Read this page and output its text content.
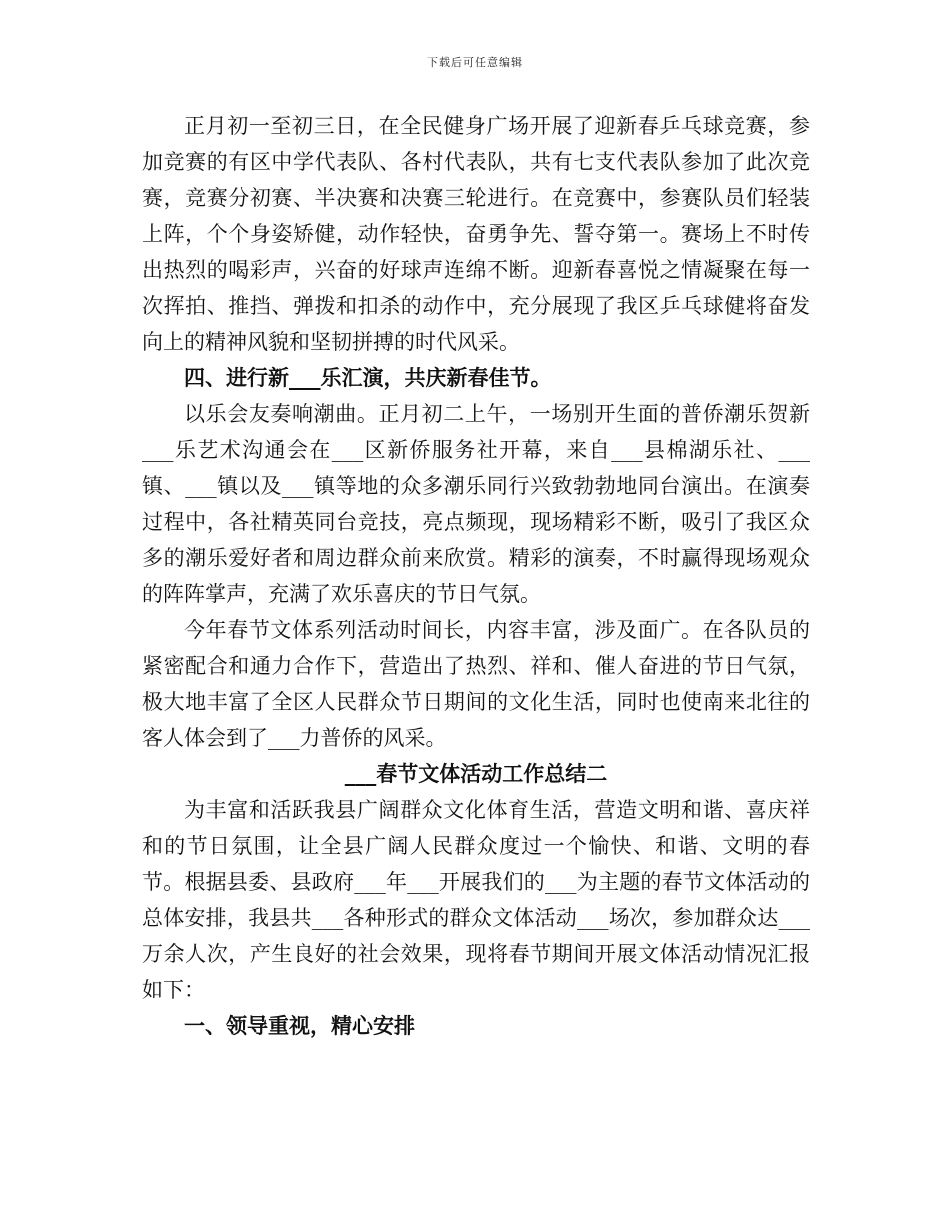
下载后可任意编辑

正月初一至初三日，在全民健身广场开展了迎新春乒乓球竞赛，参加竞赛的有区中学代表队、各村代表队，共有七支代表队参加了此次竞赛，竞赛分初赛、半决赛和决赛三轮进行。在竞赛中，参赛队员们轻装上阵，个个身姿矫健，动作轻快，奋勇争先、誓夺第一。赛场上不时传出热烈的喝彩声，兴奋的好球声连绵不断。迎新春喜悦之情凝聚在每一次挥拍、推挡、弹拨和扣杀的动作中，充分展现了我区乒乓球健将奋发向上的精神风貌和坚韧拼搏的时代风采。

四、进行新___乐汇演，共庆新春佳节。

以乐会友奏响潮曲。正月初二上午，一场别开生面的普侨潮乐贺新___乐艺术沟通会在___区新侨服务社开幕，来自___县棉湖乐社、___镇、___镇以及___镇等地的众多潮乐同行兴致勃勃地同台演出。在演奏过程中，各社精英同台竞技，亮点频现，现场精彩不断，吸引了我区众多的潮乐爱好者和周边群众前来欣赏。精彩的演奏，不时赢得现场观众的阵阵掌声，充满了欢乐喜庆的节日气氛。

今年春节文体系列活动时间长，内容丰富，涉及面广。在各队员的紧密配合和通力合作下，营造出了热烈、祥和、催人奋进的节日气氛，极大地丰富了全区人民群众节日期间的文化生活，同时也使南来北往的客人体会到了___力普侨的风采。

___春节文体活动工作总结二

为丰富和活跃我县广阔群众文化体育生活，营造文明和谐、喜庆祥和的节日氛围，让全县广阔人民群众度过一个愉快、和谐、文明的春节。根据县委、县政府___年___开展我们的___为主题的春节文体活动的总体安排，我县共___各种形式的群众文体活动___场次，参加群众达___万余人次，产生良好的社会效果，现将春节期间开展文体活动情况汇报如下：

一、领导重视，精心安排
